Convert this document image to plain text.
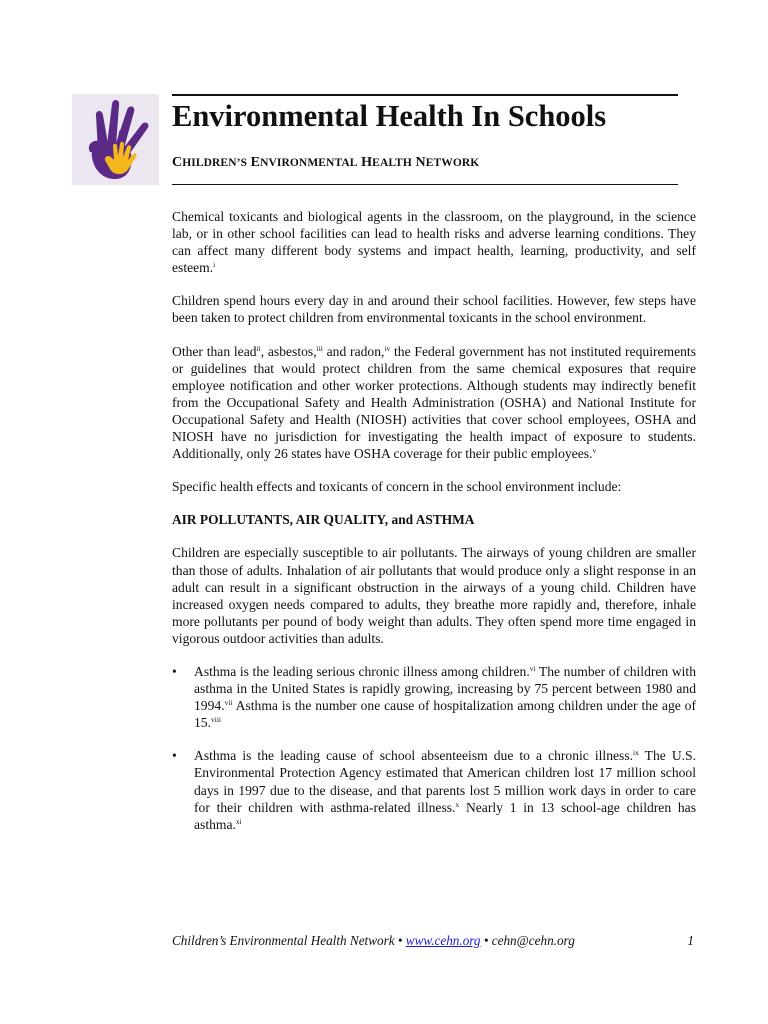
Environmental Health In Schools

CHILDREN’S ENVIRONMENTAL HEALTH NETWORK

Chemical toxicants and biological agents in the classroom, on the playground, in the science lab, or in other school facilities can lead to health risks and adverse learning conditions. They can affect many different body systems and impact health, learning, productivity, and self esteem.$^i$

Children spend hours every day in and around their school facilities. However, few steps have been taken to protect children from environmental toxicants in the school environment.

Other than lead$^{ii}$, asbestos,$^{iii}$ and radon,$^{iv}$ the Federal government has not instituted requirements or guidelines that would protect children from the same chemical exposures that require employee notification and other worker protections. Although students may indirectly benefit from the Occupational Safety and Health Administration (OSHA) and National Institute for Occupational Safety and Health (NIOSH) activities that cover school employees, OSHA and NIOSH have no jurisdiction for investigating the health impact of exposure to students. Additionally, only 26 states have OSHA coverage for their public employees.$^v$

Specific health effects and toxicants of concern in the school environment include:

AIR POLLUTANTS, AIR QUALITY, and ASTHMA

Children are especially susceptible to air pollutants. The airways of young children are smaller than those of adults. Inhalation of air pollutants that would produce only a slight response in an adult can result in a significant obstruction in the airways of a young child. Children have increased oxygen needs compared to adults, they breathe more rapidly and, therefore, inhale more pollutants per pound of body weight than adults. They often spend more time engaged in vigorous outdoor activities than adults.

• Asthma is the leading serious chronic illness among children.$^{vi}$ The number of children with asthma in the United States is rapidly growing, increasing by 75 percent between 1980 and 1994.$^{vii}$ Asthma is the number one cause of hospitalization among children under the age of 15.$^{viii}$
• Asthma is the leading cause of school absenteeism due to a chronic illness.$^{ix}$ The U.S. Environmental Protection Agency estimated that American children lost 17 million school days in 1997 due to the disease, and that parents lost 5 million work days in order to care for their children with asthma-related illness.$^x$ Nearly 1 in 13 school-age children has asthma.$^{xi}$
Children’s Environmental Health Network • www.cehn.org • cehn@cehn.org	1
